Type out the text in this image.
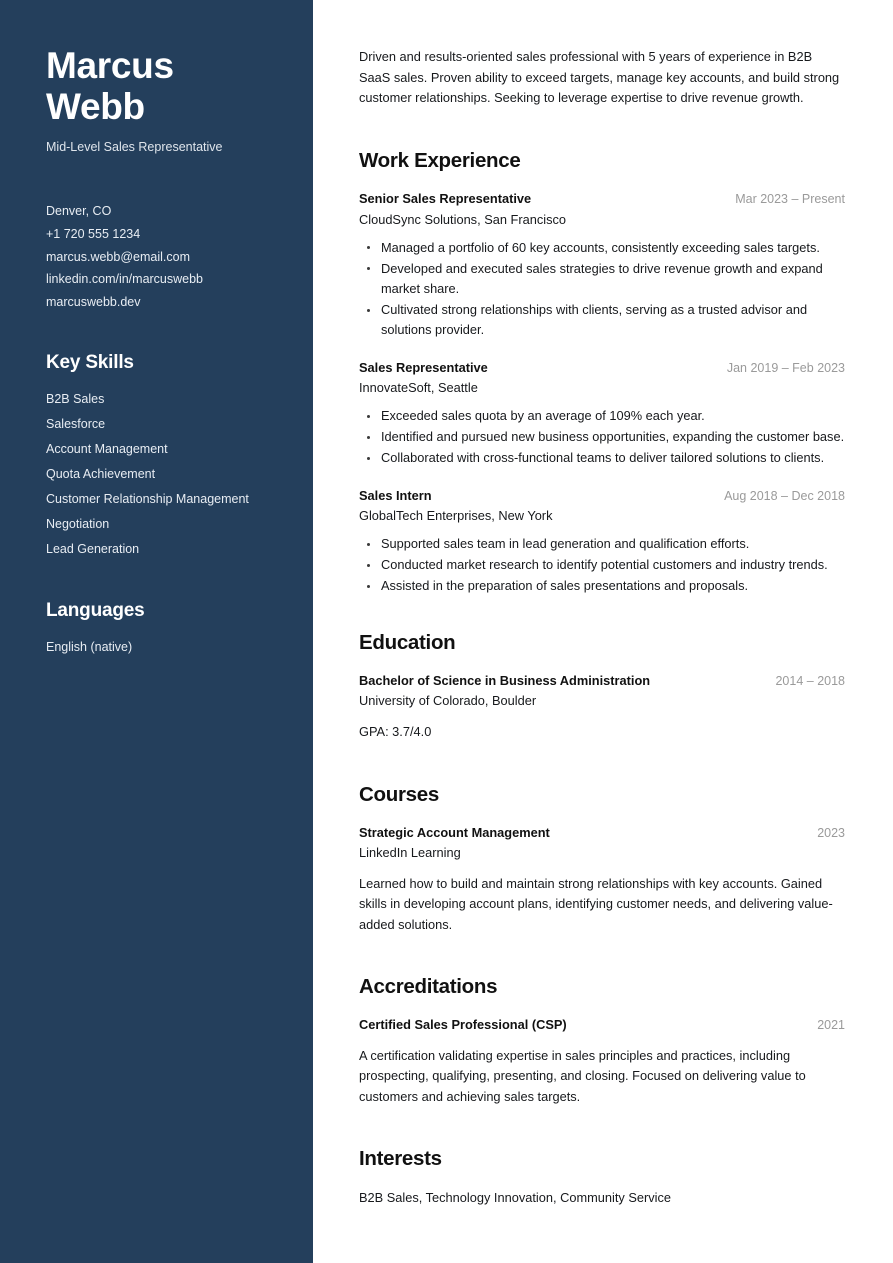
Marcus
Webb
Mid-Level Sales Representative
Denver, CO
+1 720 555 1234
marcus.webb@email.com
linkedin.com/in/marcuswebb
marcuswebb.dev
Key Skills
B2B Sales
Salesforce
Account Management
Quota Achievement
Customer Relationship Management
Negotiation
Lead Generation
Languages
English (native)

Driven and results-oriented sales professional with 5 years of experience in B2B SaaS sales. Proven ability to exceed targets, manage key accounts, and build strong customer relationships. Seeking to leverage expertise to drive revenue growth.

Work Experience
Senior Sales Representative	Mar 2023 – Present
CloudSync Solutions, San Francisco
Managed a portfolio of 60 key accounts, consistently exceeding sales targets.
Developed and executed sales strategies to drive revenue growth and expand market share.
Cultivated strong relationships with clients, serving as a trusted advisor and solutions provider.
Sales Representative	Jan 2019 – Feb 2023
InnovateSoft, Seattle
Exceeded sales quota by an average of 109% each year.
Identified and pursued new business opportunities, expanding the customer base.
Collaborated with cross-functional teams to deliver tailored solutions to clients.
Sales Intern	Aug 2018 – Dec 2018
GlobalTech Enterprises, New York
Supported sales team in lead generation and qualification efforts.
Conducted market research to identify potential customers and industry trends.
Assisted in the preparation of sales presentations and proposals.
Education
Bachelor of Science in Business Administration	2014 – 2018
University of Colorado, Boulder
GPA: 3.7/4.0
Courses
Strategic Account Management	2023
LinkedIn Learning
Learned how to build and maintain strong relationships with key accounts. Gained skills in developing account plans, identifying customer needs, and delivering value-added solutions.
Accreditations
Certified Sales Professional (CSP)	2021
A certification validating expertise in sales principles and practices, including prospecting, qualifying, presenting, and closing. Focused on delivering value to customers and achieving sales targets.
Interests
B2B Sales, Technology Innovation, Community Service
